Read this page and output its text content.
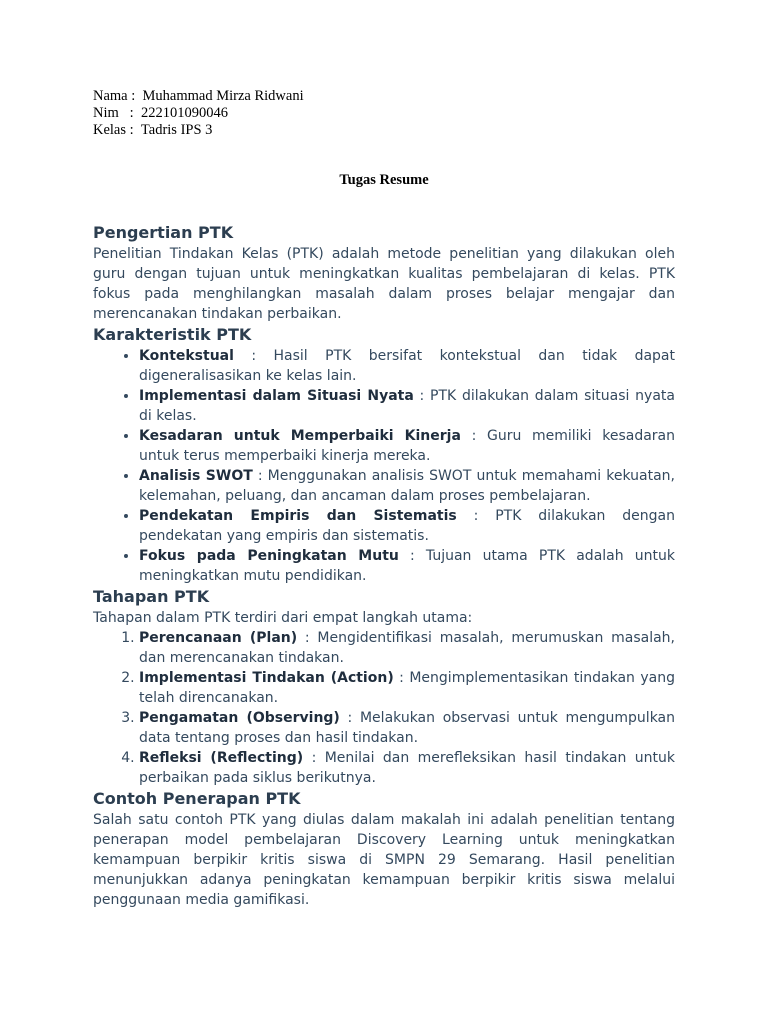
Nama :
Muhammad Mirza Ridwani
Nim   :
222101090046
Kelas :
Tadris IPS 3
Tugas Resume
Pengertian PTK

Penelitian Tindakan Kelas (PTK) adalah metode penelitian yang dilakukan oleh guru dengan tujuan untuk meningkatkan kualitas pembelajaran di kelas. PTK fokus pada menghilangkan masalah dalam proses belajar mengajar dan merencanakan tindakan perbaikan.

Karakteristik PTK
• Kontekstual : Hasil PTK bersifat kontekstual dan tidak dapat digeneralisasikan ke kelas lain.
• Implementasi dalam Situasi Nyata : PTK dilakukan dalam situasi nyata di kelas.
• Kesadaran untuk Memperbaiki Kinerja : Guru memiliki kesadaran untuk terus memperbaiki kinerja mereka.
• Analisis SWOT : Menggunakan analisis SWOT untuk memahami kekuatan, kelemahan, peluang, dan ancaman dalam proses pembelajaran.
• Pendekatan Empiris dan Sistematis : PTK dilakukan dengan pendekatan yang empiris dan sistematis.
• Fokus pada Peningkatan Mutu : Tujuan utama PTK adalah untuk meningkatkan mutu pendidikan.
Tahapan PTK

Tahapan dalam PTK terdiri dari empat langkah utama:

1. Perencanaan (Plan) : Mengidentifikasi masalah, merumuskan masalah, dan merencanakan tindakan.
2. Implementasi Tindakan (Action) : Mengimplementasikan tindakan yang telah direncanakan.
3. Pengamatan (Observing) : Melakukan observasi untuk mengumpulkan data tentang proses dan hasil tindakan.
4. Refleksi (Reflecting) : Menilai dan merefleksikan hasil tindakan untuk perbaikan pada siklus berikutnya.
Contoh Penerapan PTK

Salah satu contoh PTK yang diulas dalam makalah ini adalah penelitian tentang penerapan model pembelajaran Discovery Learning untuk meningkatkan kemampuan berpikir kritis siswa di SMPN 29 Semarang. Hasil penelitian menunjukkan adanya peningkatan kemampuan berpikir kritis siswa melalui penggunaan media gamifikasi.
